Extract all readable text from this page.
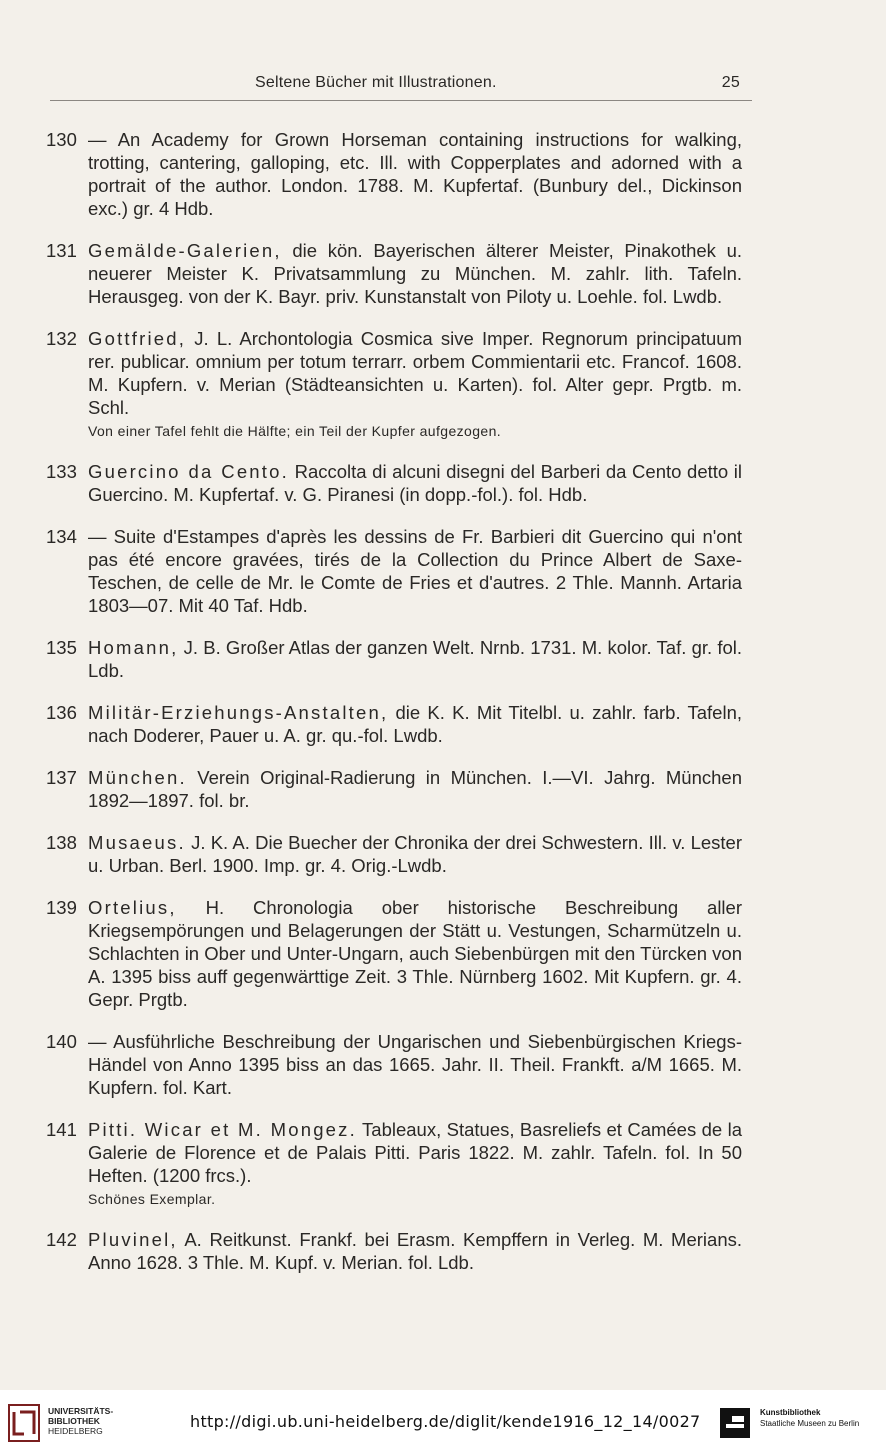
Seltene Bücher mit Illustrationen.	25
130 — An Academy for Grown Horseman containing instructions for walking, trotting, cantering, galloping, etc. Ill. with Copperplates and adorned with a portrait of the author. London. 1788. M. Kupfertaf. (Bunbury del., Dickinson exc.) gr. 4 Hdb.
131 Gemälde-Galerien, die kön. Bayerischen älterer Meister, Pinakothek u. neuerer Meister K. Privatsammlung zu München. M. zahlr. lith. Tafeln. Herausgeg. von der K. Bayr. priv. Kunstanstalt von Piloty u. Loehle. fol. Lwdb.
132 Gottfried, J. L. Archontologia Cosmica sive Imper. Regnorum principatuum rer. publicar. omnium per totum terrarr. orbem Commientarii etc. Francof. 1608. M. Kupfern. v. Merian (Städteansichten u. Karten). fol. Alter gepr. Prgtb. m. Schl.
Von einer Tafel fehlt die Hälfte; ein Teil der Kupfer aufgezogen.
133 Guercino da Cento. Raccolta di alcuni disegni del Barberi da Cento detto il Guercino. M. Kupfertaf. v. G. Piranesi (in dopp.-fol.). fol. Hdb.
134 — Suite d'Estampes d'après les dessins de Fr. Barbieri dit Guercino qui n'ont pas été encore gravées, tirés de la Collection du Prince Albert de Saxe-Teschen, de celle de Mr. le Comte de Fries et d'autres. 2 Thle. Mannh. Artaria 1803—07. Mit 40 Taf. Hdb.
135 Homann, J. B. Großer Atlas der ganzen Welt. Nrnb. 1731. M. kolor. Taf. gr. fol. Ldb.
136 Militär-Erziehungs-Anstalten, die K. K. Mit Titelbl. u. zahlr. farb. Tafeln, nach Doderer, Pauer u. A. gr. qu.-fol. Lwdb.
137 München. Verein Original-Radierung in München. I.—VI. Jahrg. München 1892—1897. fol. br.
138 Musaeus. J. K. A. Die Buecher der Chronika der drei Schwestern. Ill. v. Lester u. Urban. Berl. 1900. Imp. gr. 4. Orig.-Lwdb.
139 Ortelius, H. Chronologia ober historische Beschreibung aller Kriegsempörungen und Belagerungen der Stätt u. Vestungen, Scharmützeln u. Schlachten in Ober und Unter-Ungarn, auch Siebenbürgen mit den Türcken von A. 1395 biss auff gegenwärttige Zeit. 3 Thle. Nürnberg 1602. Mit Kupfern. gr. 4. Gepr. Prgtb.
140 — Ausführliche Beschreibung der Ungarischen und Siebenbürgischen Kriegs-Händel von Anno 1395 biss an das 1665. Jahr. II. Theil. Frankft. a/M 1665. M. Kupfern. fol. Kart.
141 Pitti. Wicar et M. Mongez. Tableaux, Statues, Basreliefs et Camées de la Galerie de Florence et de Palais Pitti. Paris 1822. M. zahlr. Tafeln. fol. In 50 Heften. (1200 frcs.).
Schönes Exemplar.
142 Pluvinel, A. Reitkunst. Frankf. bei Erasm. Kempffern in Verleg. M. Merians. Anno 1628. 3 Thle. M. Kupf. v. Merian. fol. Ldb.
UNIVERSITÄTS-
BIBLIOTHEK
HEIDELBERG	http://digi.ub.uni-heidelberg.de/diglit/kende1916_12_14/0027	Kunstbibliothek
Staatliche Museen zu Berlin
